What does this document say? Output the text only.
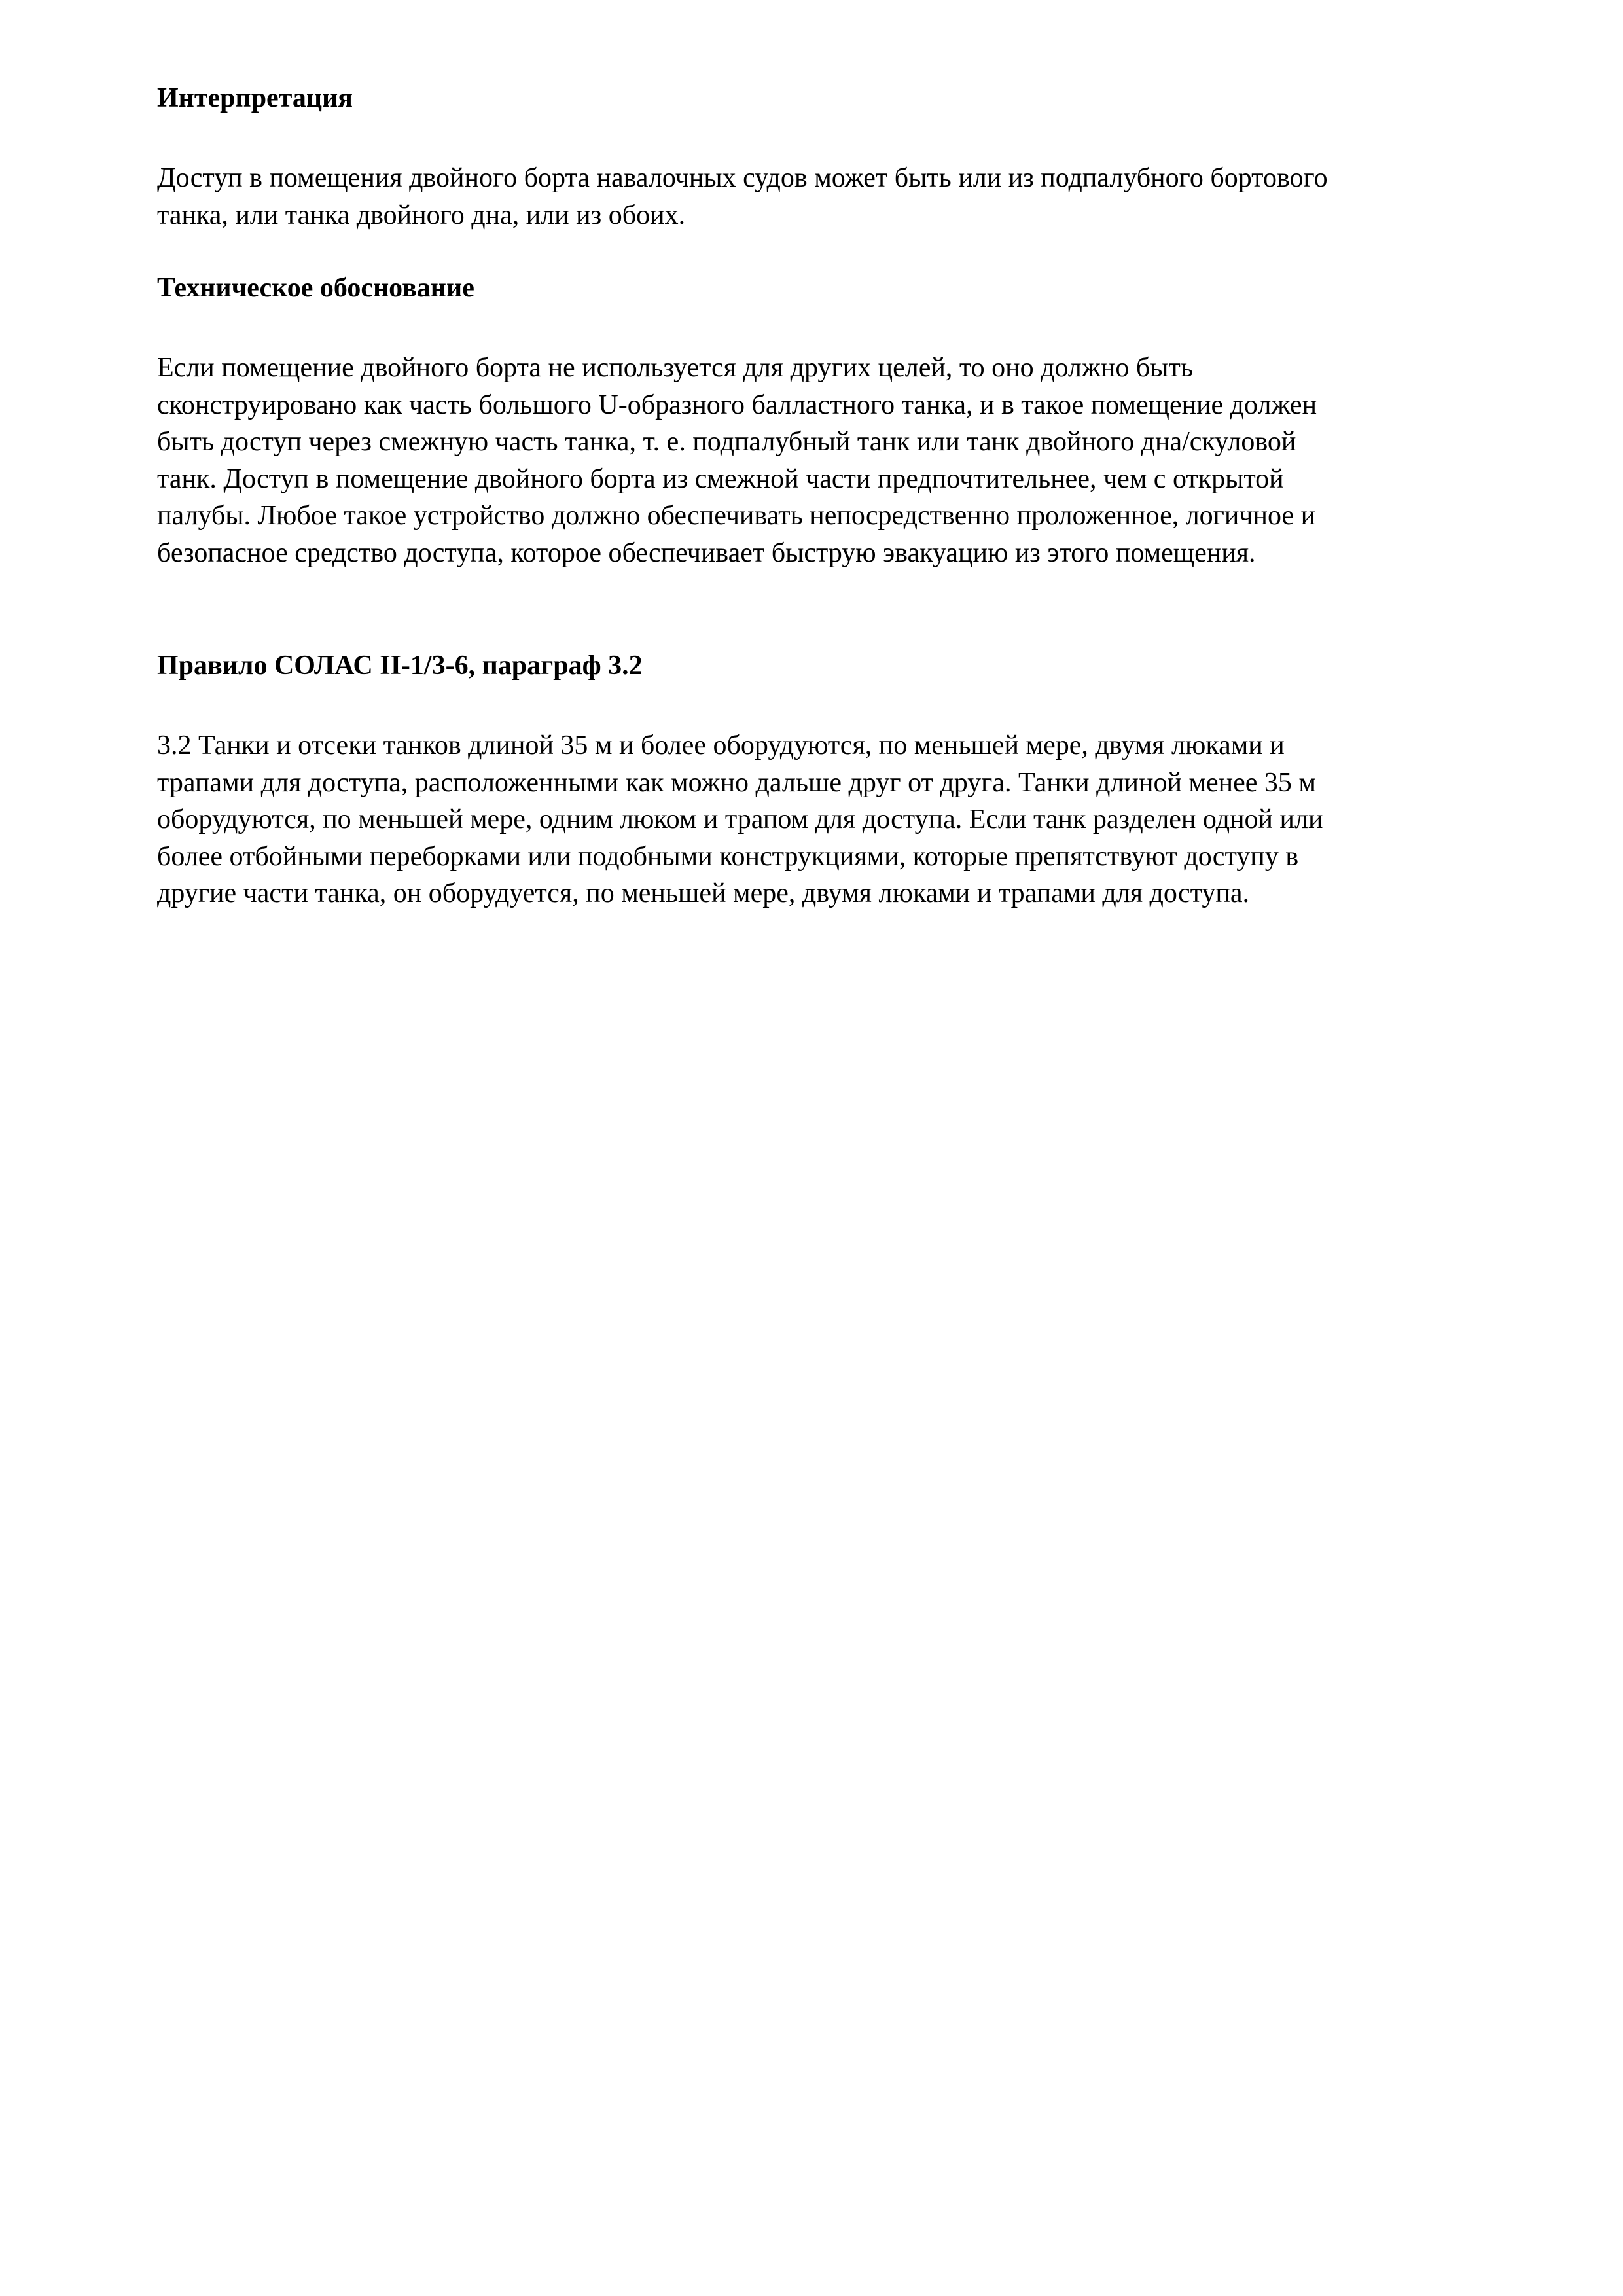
Интерпретация

Доступ в помещения двойного борта навалочных судов может быть или из подпалубного бортового
танка, или танка двойного дна, или из обоих.

Техническое обоснование

Если помещение двойного борта не используется для других целей, то оно должно быть
сконструировано как часть большого U-образного балластного танка, и в такое помещение должен
быть доступ через смежную часть танка, т. е. подпалубный танк или танк двойного дна/скуловой
танк. Доступ в помещение двойного борта из смежной части предпочтительнее, чем с открытой
палубы. Любое такое устройство должно обеспечивать непосредственно проложенное, логичное и
безопасное средство доступа, которое обеспечивает быструю эвакуацию из этого помещения.

Правило СОЛАС II-1/3-6, параграф 3.2

3.2 Танки и отсеки танков длиной 35 м и более оборудуются, по меньшей мере, двумя люками и
трапами для доступа, расположенными как можно дальше друг от друга. Танки длиной менее 35 м
оборудуются, по меньшей мере, одним люком и трапом для доступа. Если танк разделен одной или
более отбойными переборками или подобными конструкциями, которые препятствуют доступу в
другие части танка, он оборудуется, по меньшей мере, двумя люками и трапами для доступа.
